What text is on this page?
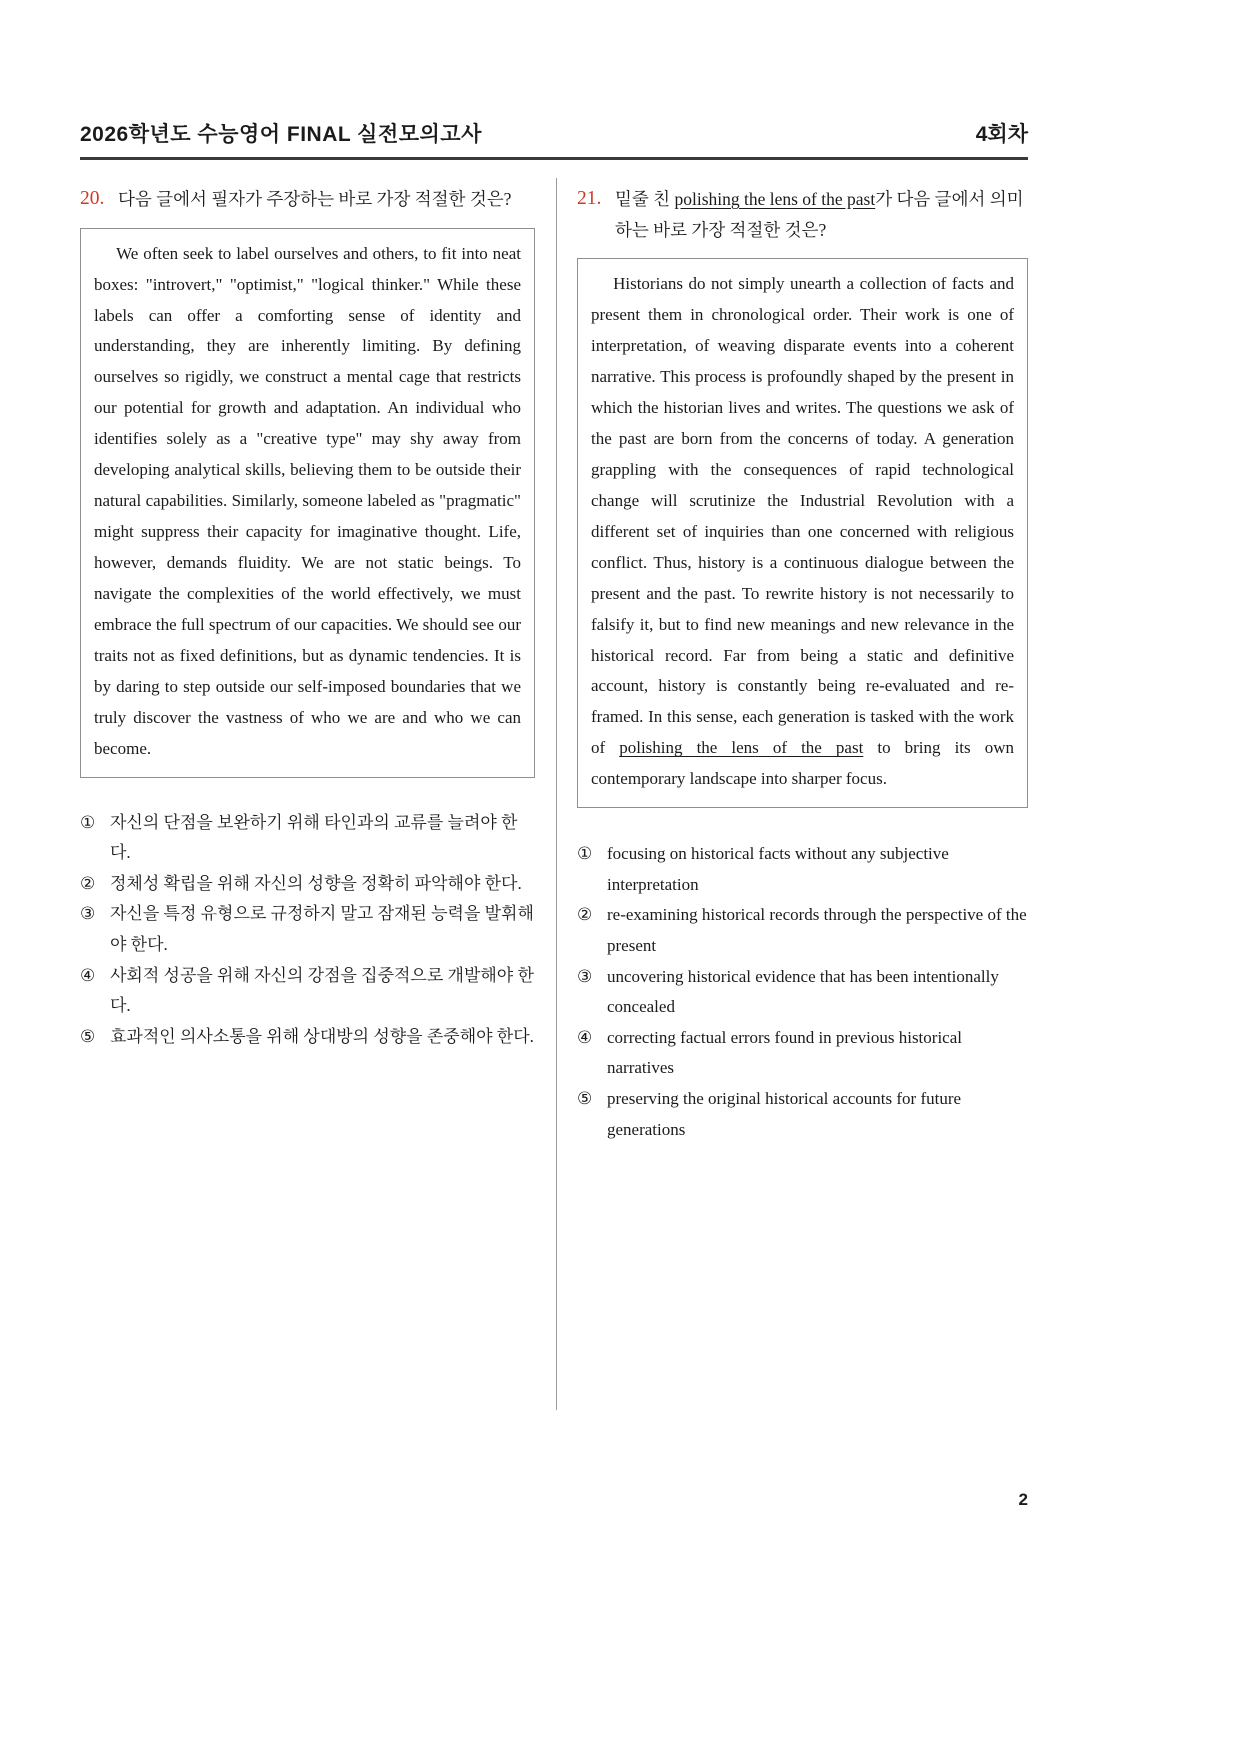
2026학년도 수능영어 FINAL 실전모의고사	4회차
20. 다음 글에서 필자가 주장하는 바로 가장 적절한 것은?

We often seek to label ourselves and others, to fit into neat boxes: "introvert," "optimist," "logical thinker." While these labels can offer a comforting sense of identity and understanding, they are inherently limiting. By defining ourselves so rigidly, we construct a mental cage that restricts our potential for growth and adaptation. An individual who identifies solely as a "creative type" may shy away from developing analytical skills, believing them to be outside their natural capabilities. Similarly, someone labeled as "pragmatic" might suppress their capacity for imaginative thought. Life, however, demands fluidity. We are not static beings. To navigate the complexities of the world effectively, we must embrace the full spectrum of our capacities. We should see our traits not as fixed definitions, but as dynamic tendencies. It is by daring to step outside our self-imposed boundaries that we truly discover the vastness of who we are and who we can become.

① 자신의 단점을 보완하기 위해 타인과의 교류를 늘려야 한다.
② 정체성 확립을 위해 자신의 성향을 정확히 파악해야 한다.
③ 자신을 특정 유형으로 규정하지 말고 잠재된 능력을 발휘해야 한다.
④ 사회적 성공을 위해 자신의 강점을 집중적으로 개발해야 한다.
⑤ 효과적인 의사소통을 위해 상대방의 성향을 존중해야 한다.
21. 밑줄 친 polishing the lens of the past가 다음 글에서 의미하는 바로 가장 적절한 것은?

Historians do not simply unearth a collection of facts and present them in chronological order. Their work is one of interpretation, of weaving disparate events into a coherent narrative. This process is profoundly shaped by the present in which the historian lives and writes. The questions we ask of the past are born from the concerns of today. A generation grappling with the consequences of rapid technological change will scrutinize the Industrial Revolution with a different set of inquiries than one concerned with religious conflict. Thus, history is a continuous dialogue between the present and the past. To rewrite history is not necessarily to falsify it, but to find new meanings and new relevance in the historical record. Far from being a static and definitive account, history is constantly being re-evaluated and re-framed. In this sense, each generation is tasked with the work of polishing the lens of the past to bring its own contemporary landscape into sharper focus.

① focusing on historical facts without any subjective interpretation
② re-examining historical records through the perspective of the present
③ uncovering historical evidence that has been intentionally concealed
④ correcting factual errors found in previous historical narratives
⑤ preserving the original historical accounts for future generations
2
